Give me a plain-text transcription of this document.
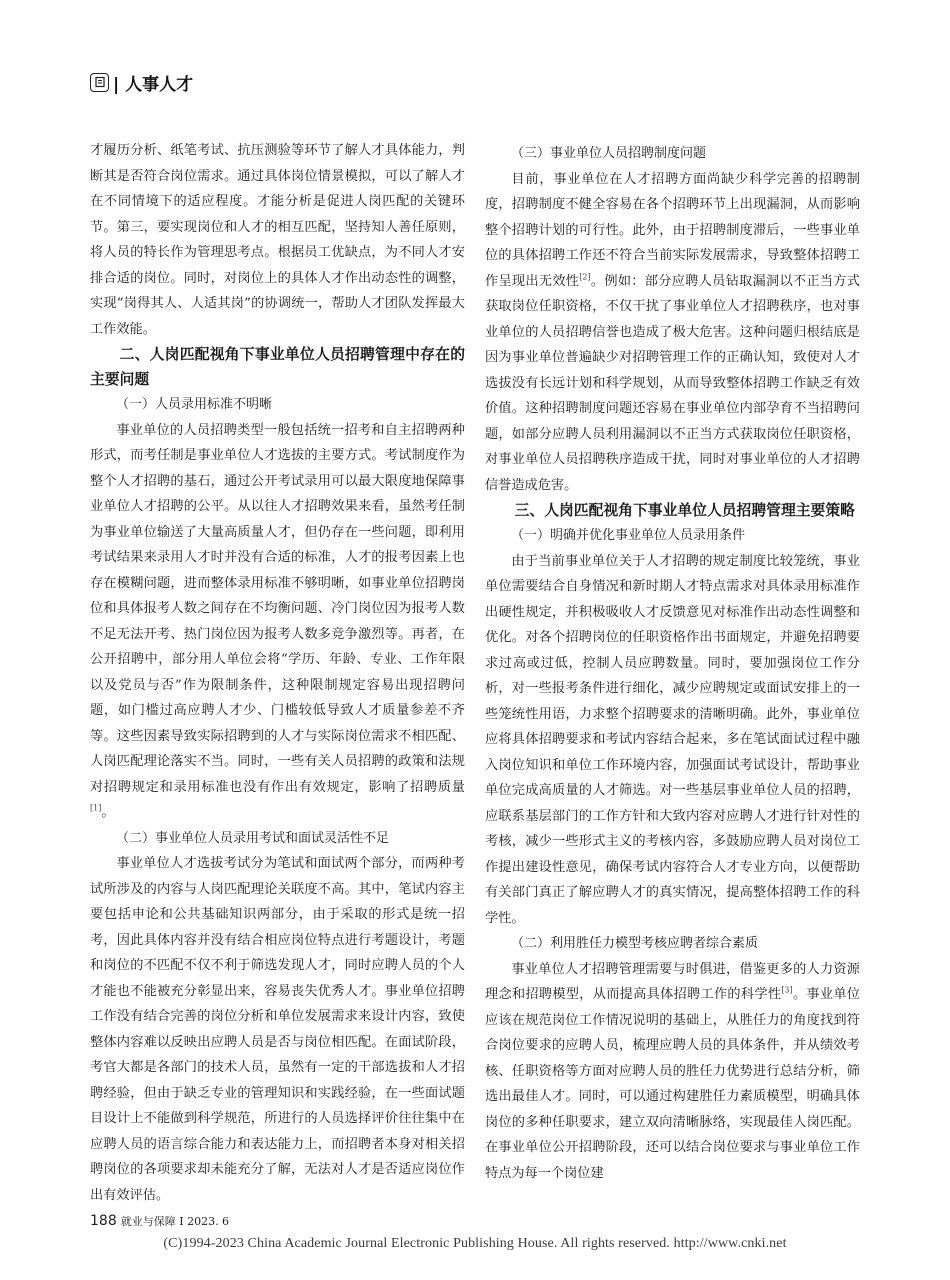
| 人事人才

才履历分析、纸笔考试、抗压测验等环节了解人才具体能力，判断其是否符合岗位需求。通过具体岗位情景模拟，可以了解人才在不同情境下的适应程度。才能分析是促进人岗匹配的关键环节。第三，要实现岗位和人才的相互匹配，坚持知人善任原则，将人员的特长作为管理思考点。根据员工优缺点，为不同人才安排合适的岗位。同时，对岗位上的具体人才作出动态性的调整，实现“岗得其人、人适其岗”的协调统一，帮助人才团队发挥最大工作效能。

二、人岗匹配视角下事业单位人员招聘管理中存在的主要问题

（一）人员录用标准不明晰

事业单位的人员招聘类型一般包括统一招考和自主招聘两种形式，而考任制是事业单位人才选拔的主要方式。考试制度作为整个人才招聘的基石，通过公开考试录用可以最大限度地保障事业单位人才招聘的公平。从以往人才招聘效果来看，虽然考任制为事业单位输送了大量高质量人才，但仍存在一些问题，即利用考试结果来录用人才时并没有合适的标准，人才的报考因素上也存在模糊问题，进而整体录用标准不够明晰，如事业单位招聘岗位和具体报考人数之间存在不均衡问题、冷门岗位因为报考人数不足无法开考、热门岗位因为报考人数多竞争激烈等。再者，在公开招聘中，部分用人单位会将“学历、年龄、专业、工作年限以及党员与否”作为限制条件，这种限制规定容易出现招聘问题，如门槛过高应聘人才少、门槛较低导致人才质量参差不齐等。这些因素导致实际招聘到的人才与实际岗位需求不相匹配、人岗匹配理论落实不当。同时，一些有关人员招聘的政策和法规对招聘规定和录用标准也没有作出有效规定，影响了招聘质量[1]。

（二）事业单位人员录用考试和面试灵活性不足

事业单位人才选拔考试分为笔试和面试两个部分，而两种考试所涉及的内容与人岗匹配理论关联度不高。其中，笔试内容主要包括申论和公共基础知识两部分，由于采取的形式是统一招考，因此具体内容并没有结合相应岗位特点进行考题设计，考题和岗位的不匹配不仅不利于筛选发现人才，同时应聘人员的个人才能也不能被充分彰显出来，容易丧失优秀人才。事业单位招聘工作没有结合完善的岗位分析和单位发展需求来设计内容，致使整体内容难以反映出应聘人员是否与岗位相匹配。在面试阶段，考官大都是各部门的技术人员，虽然有一定的干部选拔和人才招聘经验，但由于缺乏专业的管理知识和实践经验，在一些面试题目设计上不能做到科学规范，所进行的人员选择评价往往集中在应聘人员的语言综合能力和表达能力上，而招聘者本身对相关招聘岗位的各项要求却未能充分了解，无法对人才是否适应岗位作出有效评估。

（三）事业单位人员招聘制度问题

目前，事业单位在人才招聘方面尚缺少科学完善的招聘制度，招聘制度不健全容易在各个招聘环节上出现漏洞，从而影响整个招聘计划的可行性。此外，由于招聘制度滞后，一些事业单位的具体招聘工作还不符合当前实际发展需求，导致整体招聘工作呈现出无效性[2]。例如：部分应聘人员钻取漏洞以不正当方式获取岗位任职资格，不仅干扰了事业单位人才招聘秩序，也对事业单位的人员招聘信誉也造成了极大危害。这种问题归根结底是因为事业单位普遍缺少对招聘管理工作的正确认知，致使对人才选拔没有长远计划和科学规划，从而导致整体招聘工作缺乏有效价值。这种招聘制度问题还容易在事业单位内部孕育不当招聘问题，如部分应聘人员利用漏洞以不正当方式获取岗位任职资格，对事业单位人员招聘秩序造成干扰，同时对事业单位的人才招聘信誉造成危害。

三、人岗匹配视角下事业单位人员招聘管理主要策略

（一）明确并优化事业单位人员录用条件

由于当前事业单位关于人才招聘的规定制度比较笼统，事业单位需要结合自身情况和新时期人才特点需求对具体录用标准作出硬性规定，并积极吸收人才反馈意见对标准作出动态性调整和优化。对各个招聘岗位的任职资格作出书面规定，并避免招聘要求过高或过低，控制人员应聘数量。同时，要加强岗位工作分析，对一些报考条件进行细化，减少应聘规定或面试安排上的一些笼统性用语，力求整个招聘要求的清晰明确。此外，事业单位应将具体招聘要求和考试内容结合起来，多在笔试面试过程中融入岗位知识和单位工作环境内容，加强面试考试设计，帮助事业单位完成高质量的人才筛选。对一些基层事业单位人员的招聘，应联系基层部门的工作方针和大致内容对应聘人才进行针对性的考核，减少一些形式主义的考核内容，多鼓励应聘人员对岗位工作提出建设性意见，确保考试内容符合人才专业方向，以便帮助有关部门真正了解应聘人才的真实情况，提高整体招聘工作的科学性。

（二）利用胜任力模型考核应聘者综合素质

事业单位人才招聘管理需要与时俱进，借鉴更多的人力资源理念和招聘模型，从而提高具体招聘工作的科学性[3]。事业单位应该在规范岗位工作情况说明的基础上，从胜任力的角度找到符合岗位要求的应聘人员，梳理应聘人员的具体条件，并从绩效考核、任职资格等方面对应聘人员的胜任力优势进行总结分析，筛选出最佳人才。同时，可以通过构建胜任力素质模型，明确具体岗位的多种任职要求，建立双向清晰脉络，实现最佳人岗匹配。在事业单位公开招聘阶段，还可以结合岗位要求与事业单位工作特点为每一个岗位建

188 就业与保障 I 2023. 6
(C)1994-2023 China Academic Journal Electronic Publishing House. All rights reserved. http://www.cnki.net
